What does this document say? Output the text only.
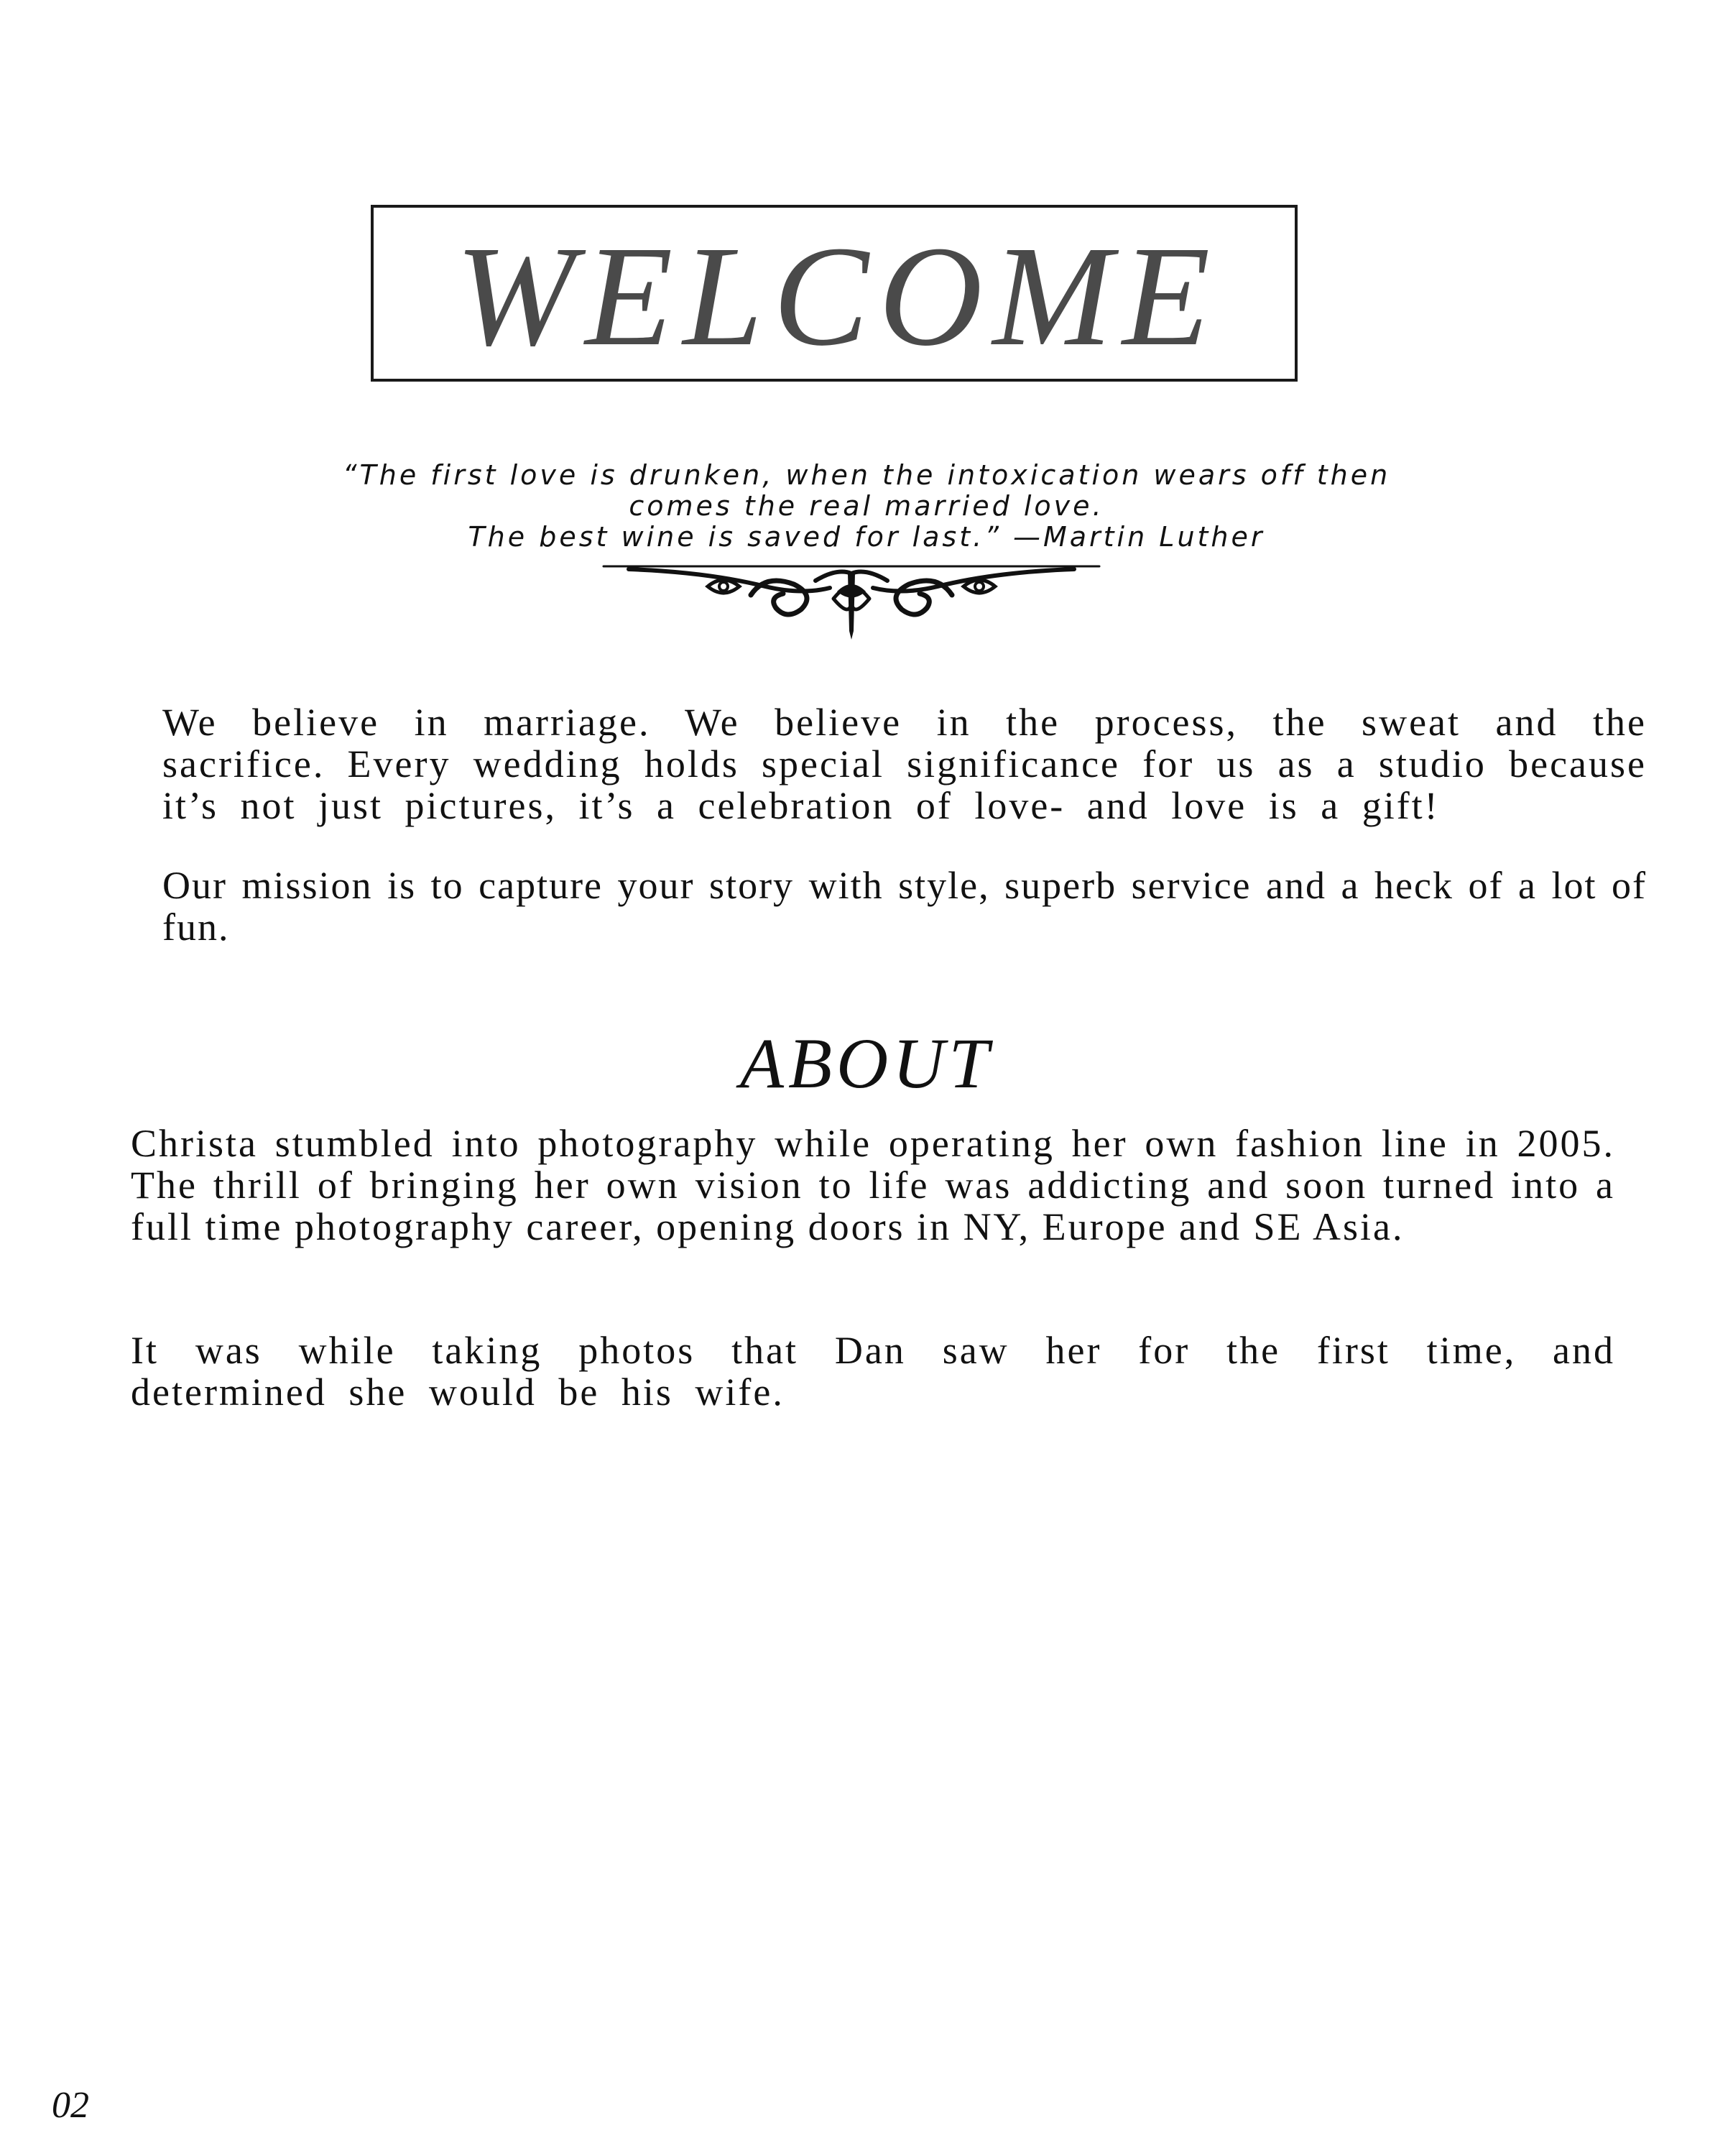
WELCOME
“The first love is drunken, when the intoxication wears off then
comes the real married love.
The best wine is saved for last.” —Martin Luther

We believe in marriage. We believe in the process, the sweat and the sacrifice. Every wedding holds special significance for us as a studio because it’s not just pictures, it’s a celebration of love- and love is a gift!

Our mission is to capture your story with style, superb service and a heck of a lot of fun.

ABOUT

Christa stumbled into photography while operating her own fashion line in 2005. The thrill of bringing her own vision to life was addicting and soon turned into a full time photography career, opening doors in NY, Europe and SE Asia.

It was while taking photos that Dan saw her for the first time, and determined she would be his wife.

02
